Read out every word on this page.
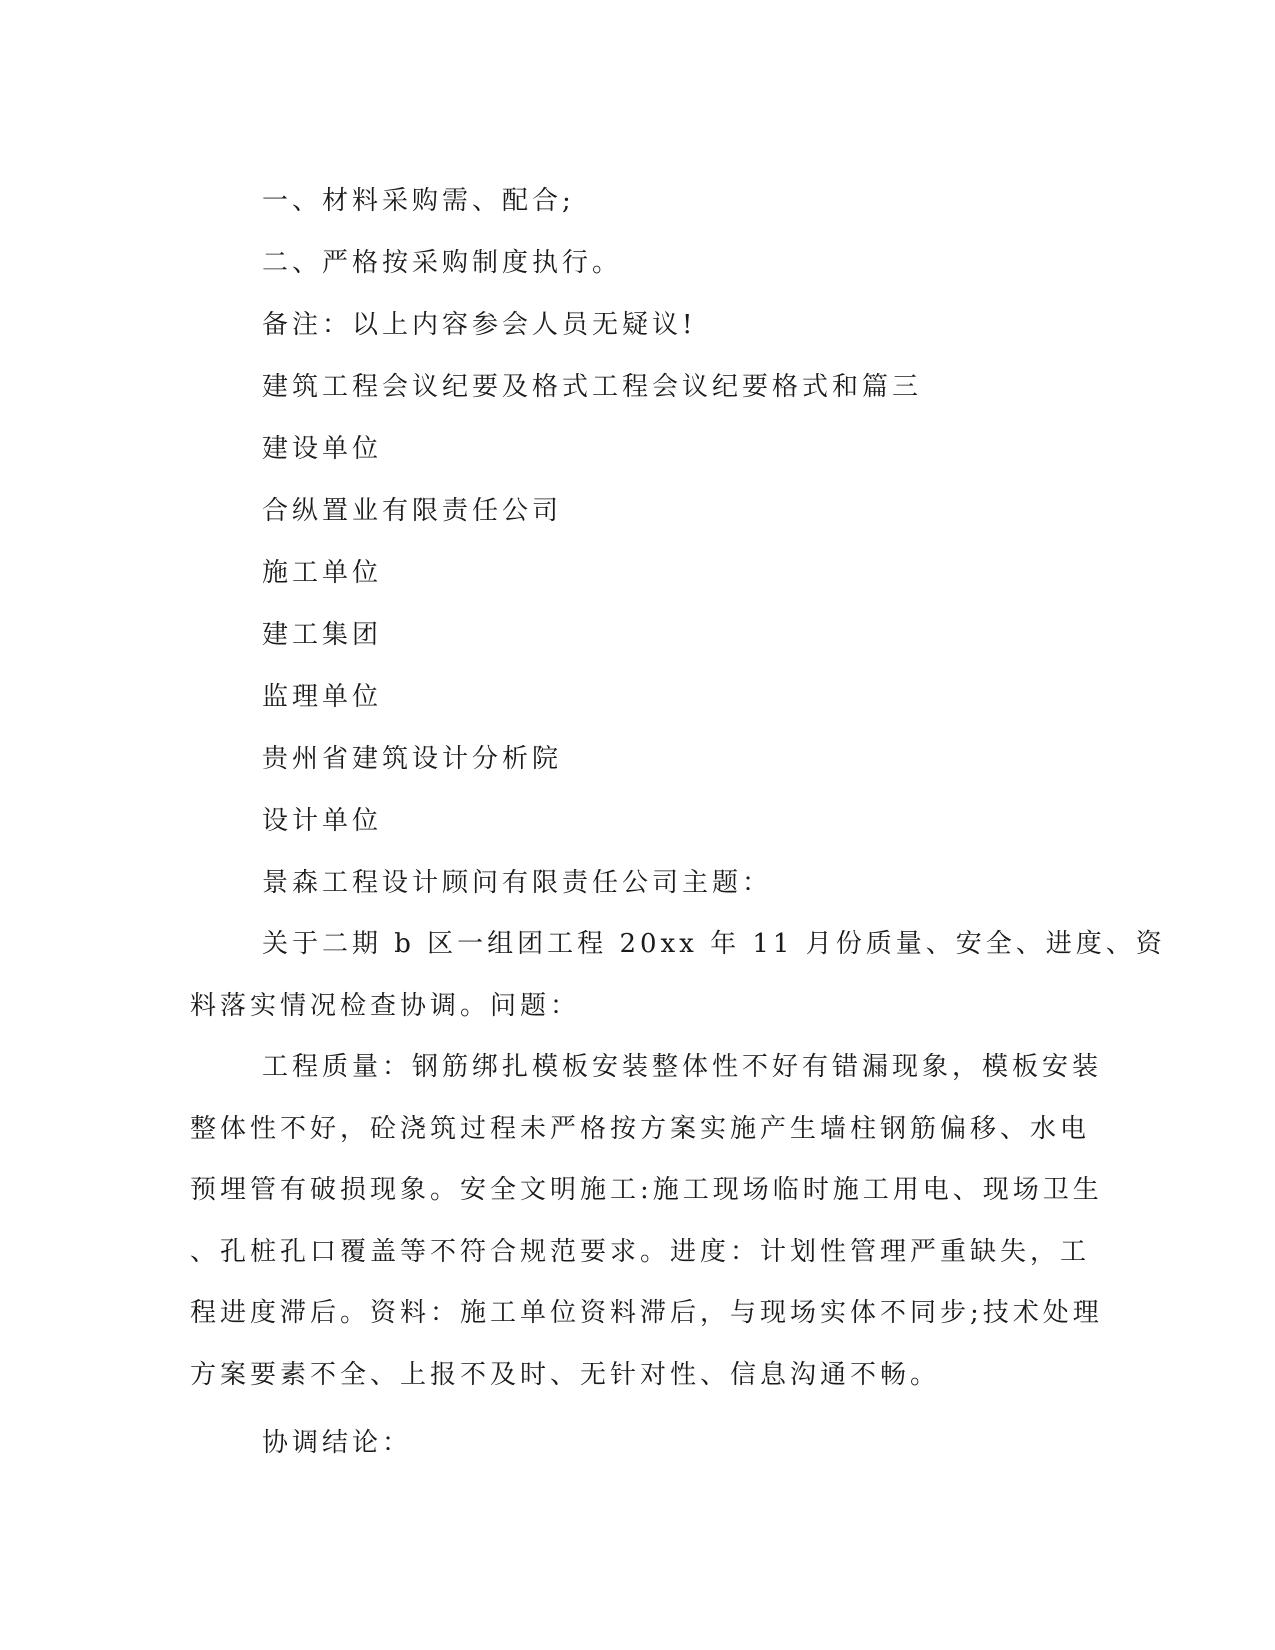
一、材料采购需、配合;

二、严格按采购制度执行。

备注：以上内容参会人员无疑议!

建筑工程会议纪要及格式工程会议纪要格式和篇三

建设单位

合纵置业有限责任公司

施工单位

建工集团

监理单位

贵州省建筑设计分析院

设计单位

景森工程设计顾问有限责任公司主题：

关于二期 b 区一组团工程 20xx 年 11 月份质量、安全、进度、资
料落实情况检查协调。问题：
工程质量：钢筋绑扎模板安装整体性不好有错漏现象，模板安装
整体性不好，砼浇筑过程未严格按方案实施产生墙柱钢筋偏移、水电
预埋管有破损现象。安全文明施工:施工现场临时施工用电、现场卫生
、孔桩孔口覆盖等不符合规范要求。进度：计划性管理严重缺失，工
程进度滞后。资料：施工单位资料滞后，与现场实体不同步;技术处理
方案要素不全、上报不及时、无针对性、信息沟通不畅。

协调结论：
